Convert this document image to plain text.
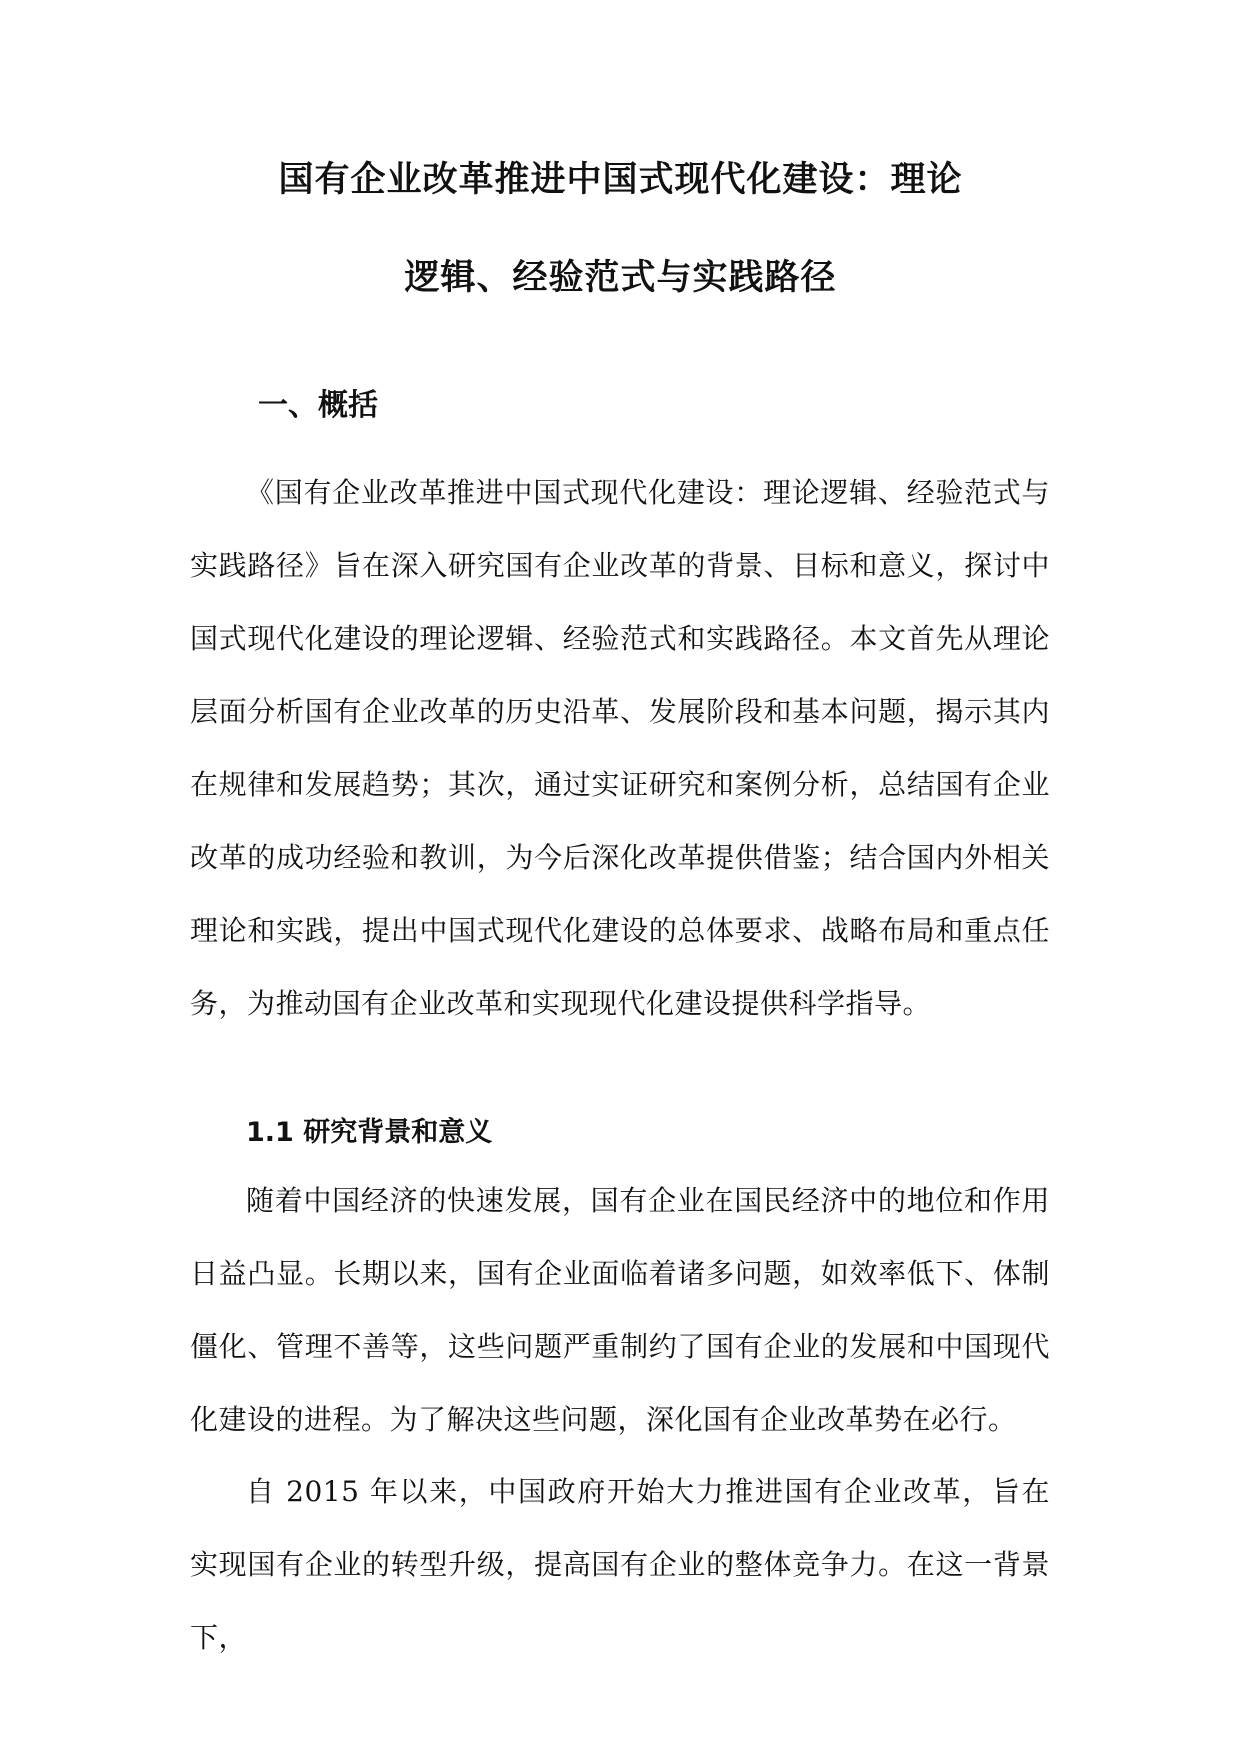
国有企业改革推进中国式现代化建设：理论
逻辑、经验范式与实践路径
一、概括

《国有企业改革推进中国式现代化建设：理论逻辑、经验范式与实践路径》旨在深入研究国有企业改革的背景、目标和意义，探讨中国式现代化建设的理论逻辑、经验范式和实践路径。本文首先从理论层面分析国有企业改革的历史沿革、发展阶段和基本问题，揭示其内在规律和发展趋势；其次，通过实证研究和案例分析，总结国有企业改革的成功经验和教训，为今后深化改革提供借鉴；结合国内外相关理论和实践，提出中国式现代化建设的总体要求、战略布局和重点任务，为推动国有企业改革和实现现代化建设提供科学指导。

1.1 研究背景和意义

随着中国经济的快速发展，国有企业在国民经济中的地位和作用日益凸显。长期以来，国有企业面临着诸多问题，如效率低下、体制僵化、管理不善等，这些问题严重制约了国有企业的发展和中国现代化建设的进程。为了解决这些问题，深化国有企业改革势在必行。

自 2015 年以来，中国政府开始大力推进国有企业改革，旨在实现国有企业的转型升级，提高国有企业的整体竞争力。在这一背景下，
